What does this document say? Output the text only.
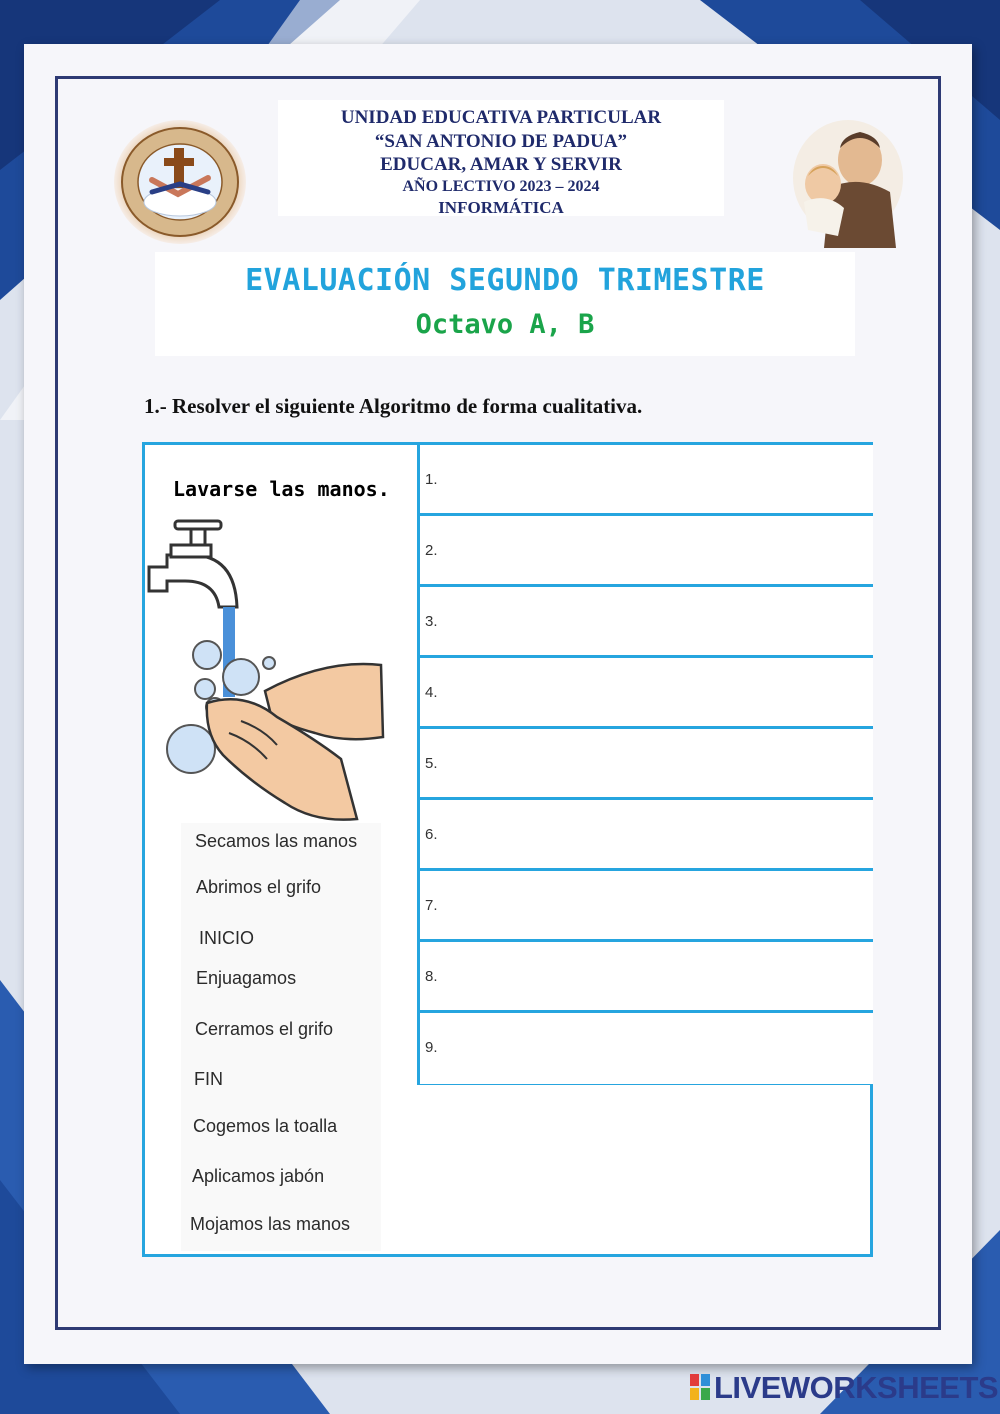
UNIDAD EDUCATIVA PARTICULAR
“SAN ANTONIO DE PADUA”
EDUCAR, AMAR Y SERVIR
AÑO LECTIVO 2023 – 2024
INFORMÁTICA
EVALUACIÓN SEGUNDO TRIMESTRE
Octavo A, B
1.- Resolver el siguiente Algoritmo de forma cualitativa.
Lavarse las manos.
Secamos las manos
Abrimos el grifo
INICIO
Enjuagamos
Cerramos el grifo
FIN
Cogemos la toalla
Aplicamos jabón
Mojamos las manos
1.
2.
3.
4.
5.
6.
7.
8.
9.
LIVEWORKSHEETS
